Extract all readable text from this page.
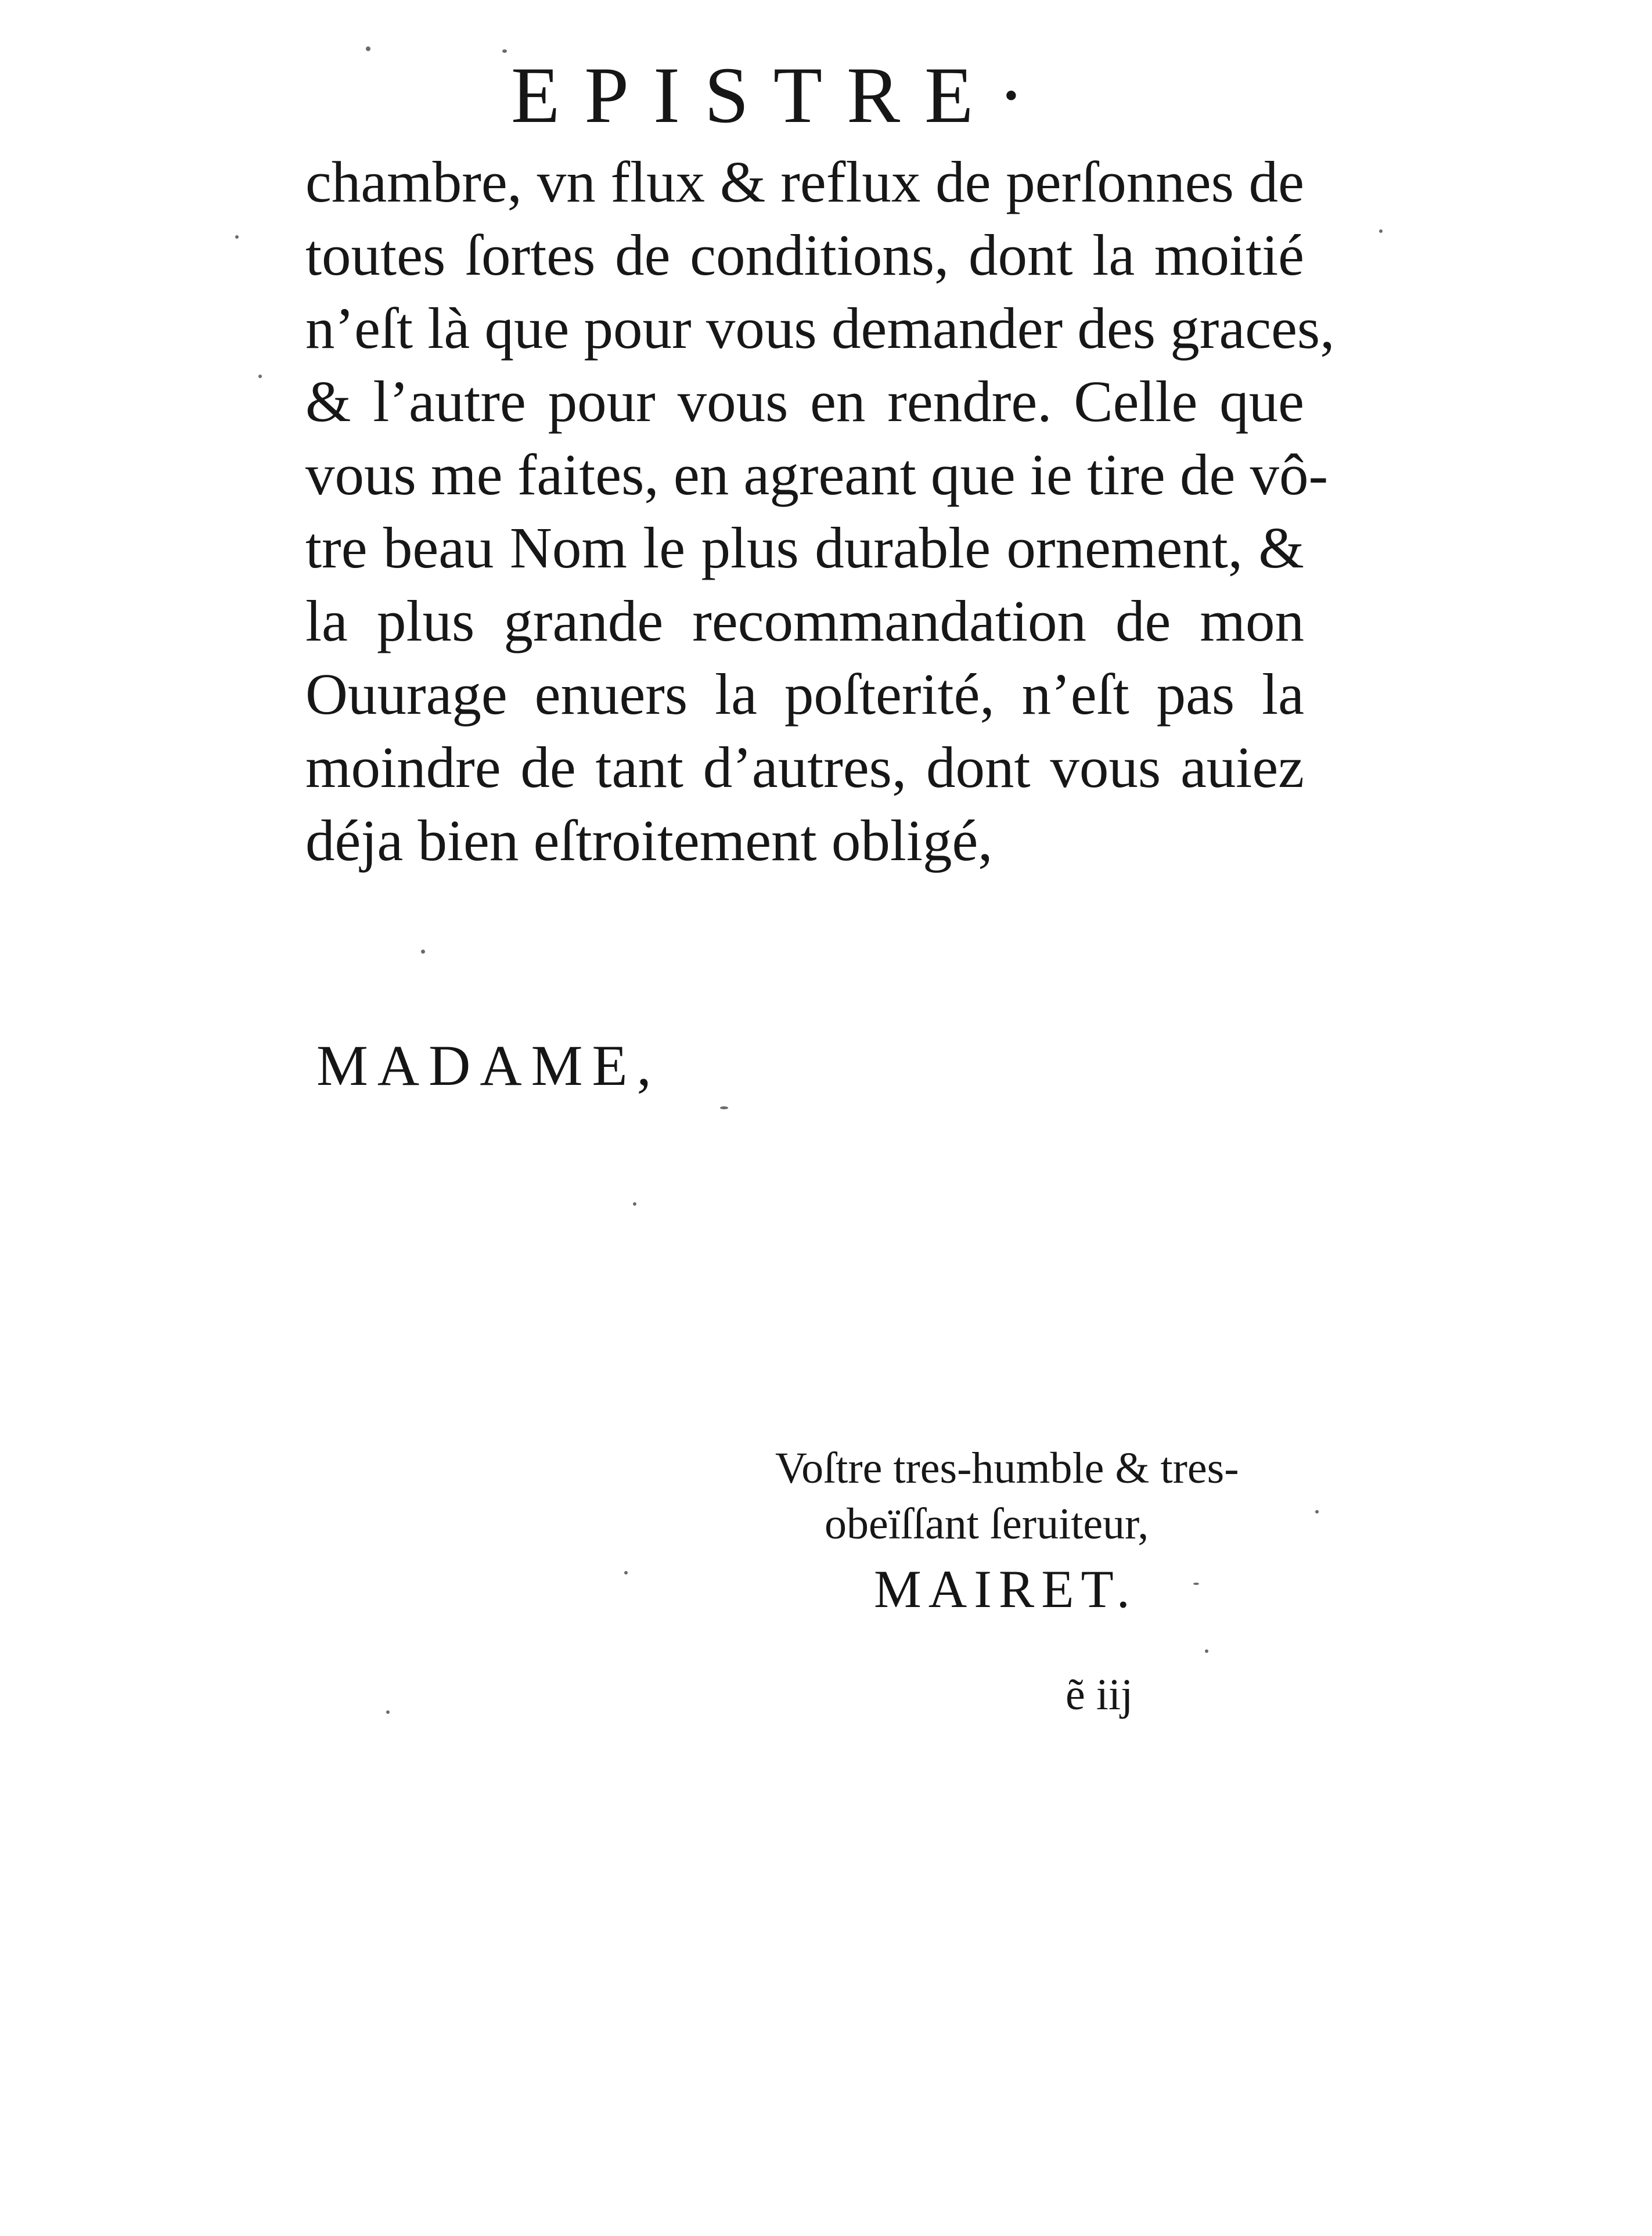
EPISTRE·
chambre, vn flux & reflux de perſonnes de
toutes ſortes de conditions, dont la moitié
n’eſt là que pour vous demander des graces,
& l’autre pour vous en rendre. Celle que
vous me faites, en agreant que ie tire de vô-
tre beau Nom le plus durable ornement, &
la plus grande recommandation de mon
Ouurage enuers la poſterité, n’eſt pas la
moindre de tant d’autres, dont vous auiez
déja bien eſtroitement obligé,
MADAME,
Voſtre tres-humble & tres-
obeïſſant ſeruiteur,
MAIRET.
ẽ iij
